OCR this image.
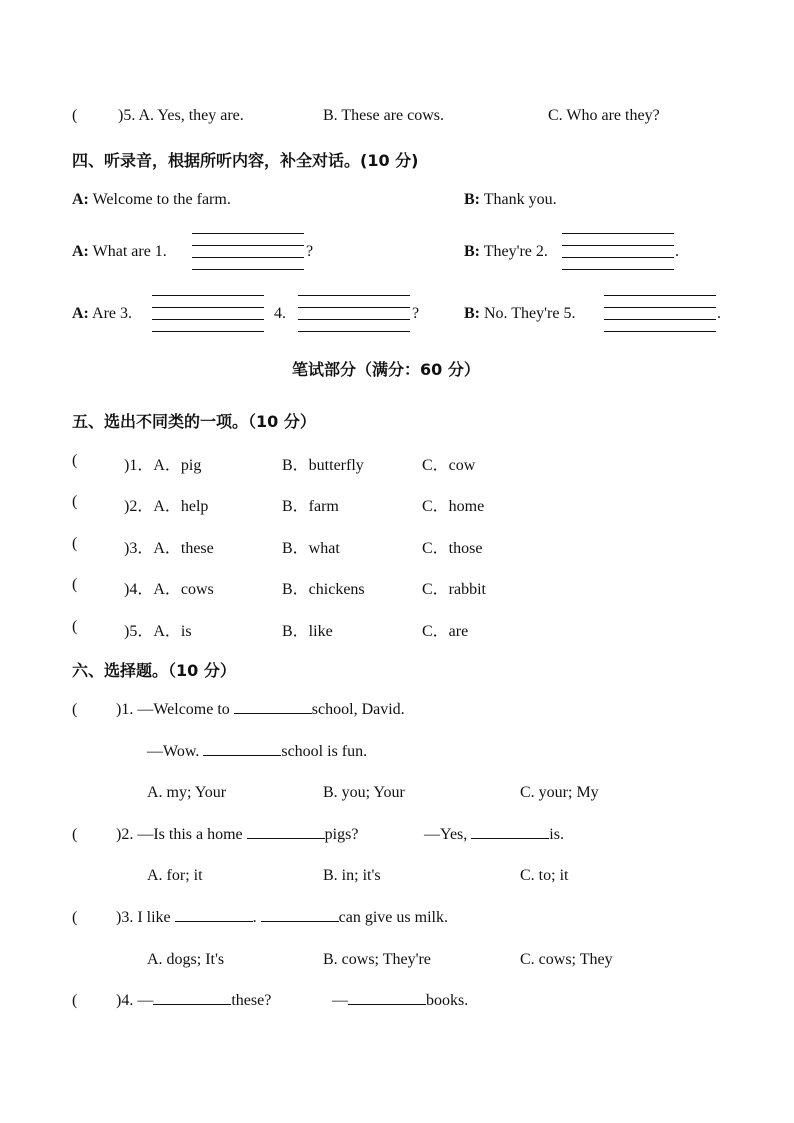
(	)5. A. Yes, they are.	B. These are cows.	C. Who are they?
四、听录音，根据所听内容，补全对话。(10 分)
A: Welcome to the farm.	B: Thank you.
A: What are 1.	?	B: They're 2.	.
A: Are 3.	4.	?	B: No. They're 5.	.
笔试部分（满分：60 分）
五、选出不同类的一项。（10 分）
(	)1．A．pig	B．butterfly	C．cow
(	)2．A．help	B．farm	C．home
(	)3．A．these	B．what	C．those
(	)4．A．cows	B．chickens	C．rabbit
(	)5．A．is	B．like	C．are
六、选择题。（10 分）
( )1. —Welcome to	school, David.
—Wow.	school is fun.
A. my; Your	B. you; Your	C. your; My
( )2. —Is this a home	pigs?	—Yes,	is.
A. for; it	B. in; it's	C. to; it
( )3. I like	.	can give us milk.
A. dogs; It's	B. cows; They're	C. cows; They
( )4. —	these?	—	books.
